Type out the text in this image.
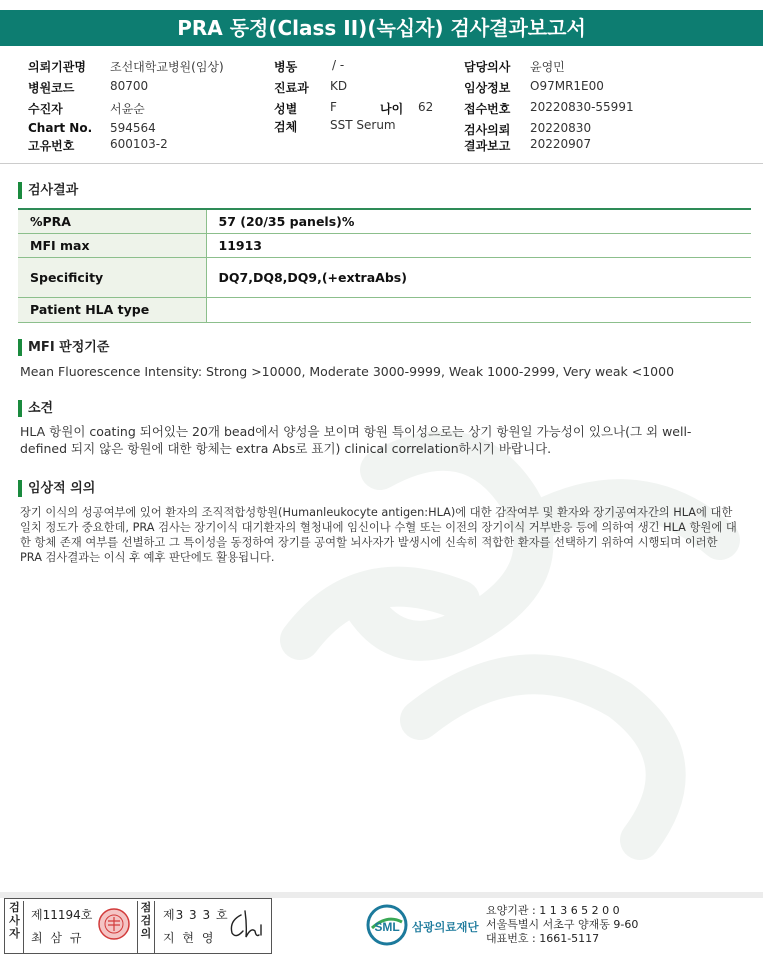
PRA 동정(Class II)(녹십자) 검사결과보고서
의뢰기관명 조선대학교병원(임상)
병원코드	80700
수진자	서윤순
Chart No. 594564
고유번호	600103-2
병동	/ -
진료과 KD
성별	F	나이 62
검체	SST Serum
담당의사 윤영민
임상정보 O97MR1E00
접수번호 20220830-55991
검사의뢰 20220830
결과보고 20220907
검사결과
%PRA	57 (20/35 panels)%
MFI max	11913
Specificity	DQ7,DQ8,DQ9,(+extraAbs)
Patient HLA type	
MFI 판정기준
Mean Fluorescence Intensity: Strong >10000, Moderate 3000-9999, Weak 1000-2999, Very weak <1000
소견
HLA 항원이 coating 되어있는 20개 bead에서 양성을 보이며 항원 특이성으로는 상기 항원일 가능성이 있으나(그 외 well-defined 되지 않은 항원에 대한 항체는 extra Abs로 표기) clinical correlation하시기 바랍니다.
임상적 의의
장기 이식의 성공여부에 있어 환자의 조직적합성항원(Humanleukocyte antigen:HLA)에 대한 감작여부 및 환자와 장기공여자간의 HLA에 대한 일치 정도가 중요한데, PRA 검사는 장기이식 대기환자의 혈청내에 임신이나 수혈 또는 이전의 장기이식 거부반응 등에 의하여 생긴 HLA 항원에 대한 항체 존재 여부를 선별하고 그 특이성을 동정하여 장기를 공여할 뇌사자가 발생시에 신속히 적합한 환자를 선택하기 위하여 시행되며 이러한 PRA 검사결과는 이식 후 예후 판단에도 활용됩니다.
검사자
제11194호
최 삼 규
점검의
제3 3 3 호
지 현 영
SML 삼광의료재단
요양기관 : 1 1 3 6 5 2 0 0
서울특별시 서초구 양재동 9-60
대표번호 : 1661-5117
